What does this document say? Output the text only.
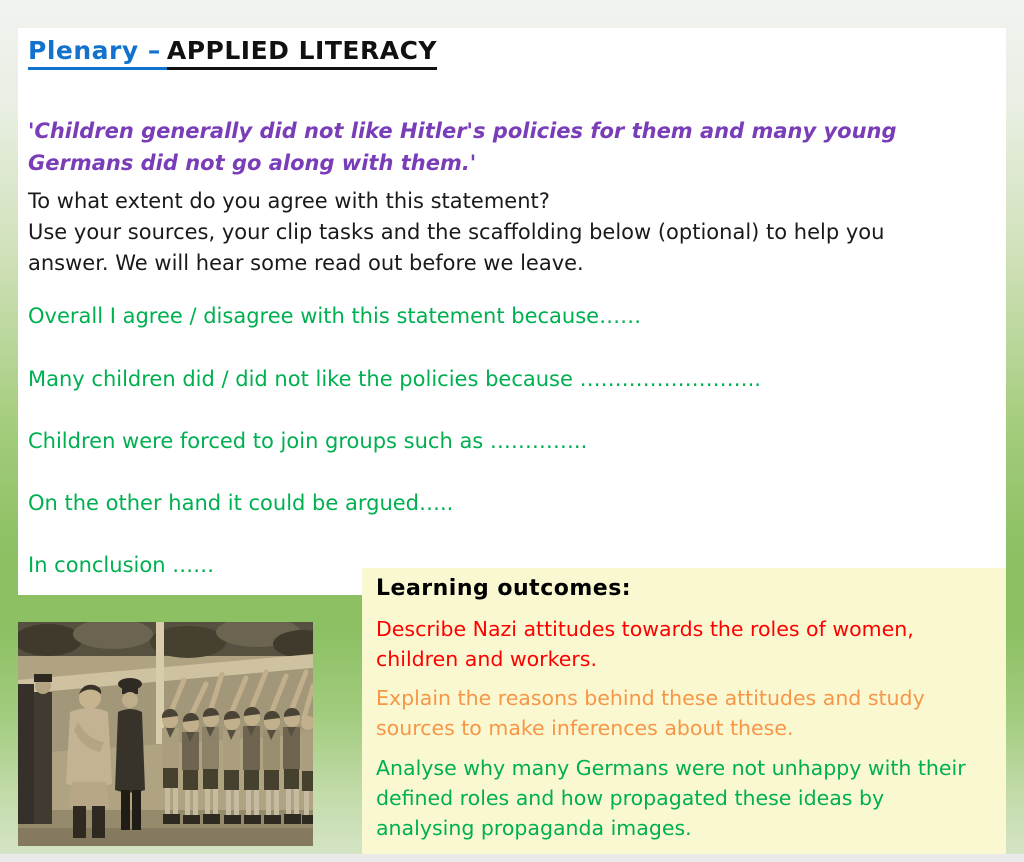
Plenary – APPLIED LITERACY
'Children generally did not like Hitler's policies for them and many young Germans did not go along with them.'
To what extent do you agree with this statement?
Use your sources, your clip tasks and the scaffolding below (optional) to help you answer. We will hear some read out before we leave.
Overall I agree / disagree with this statement because……
Many children did / did not like the policies because ……………………..
Children were forced to join groups such as …………..
On the other hand it could be argued…..
In conclusion ……
Learning outcomes:

Describe Nazi attitudes towards the roles of women, children and workers.

Explain the reasons behind these attitudes and study sources to make inferences about these.

Analyse why many Germans were not unhappy with their defined roles and how propagated these ideas by analysing propaganda images.
